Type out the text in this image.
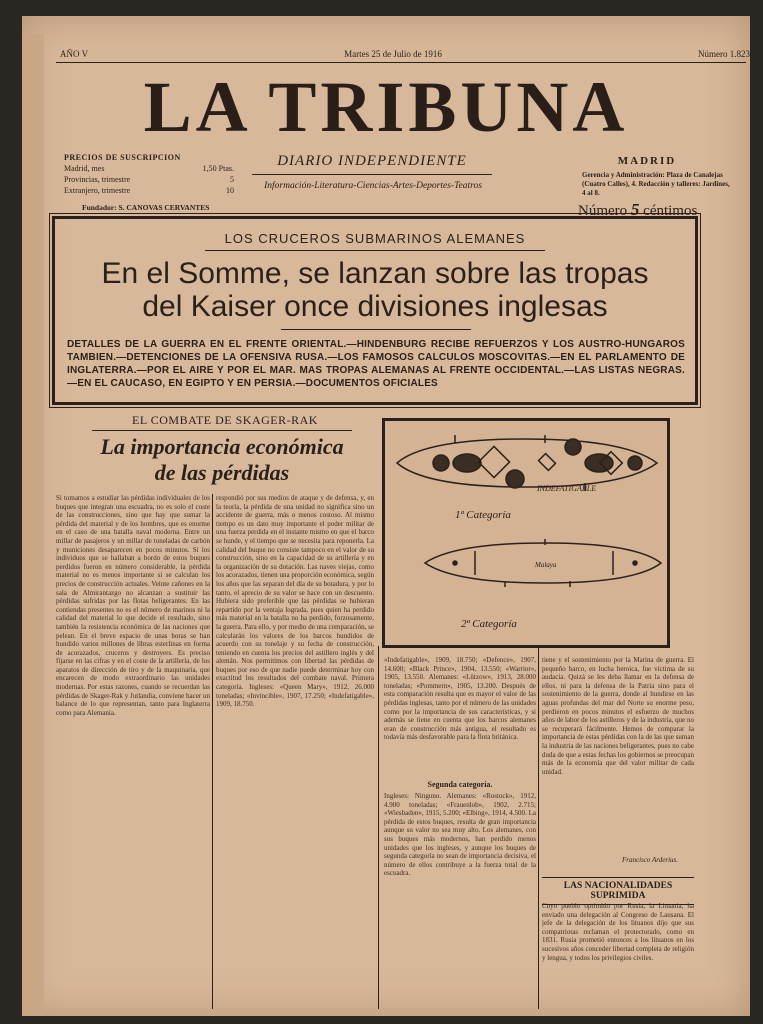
AÑO V	Martes 25 de Julio de 1916	Número 1.823
LA TRIBUNA
PRECIOS DE SUSCRIPCION
Madrid, mes	1,50 Ptas.
Provincias, trimestre	5
Extranjero, trimestre	10
DIARIO INDEPENDIENTE
Información-Literatura-Ciencias-Artes-Deportes-Teatros
MADRID
Gerencia y Administración: Plaza de Canalejas (Cuatro Calles), 4. Redacción y talleres: Jardines, 4 al 8.
Fundador: S. CANOVAS CERVANTES	Número 5 céntimos
LOS CRUCEROS SUBMARINOS ALEMANES
En el Somme, se lanzan sobre las tropas
del Kaiser once divisiones inglesas
DETALLES DE LA GUERRA EN EL FRENTE ORIENTAL.—HINDENBURG RECIBE REFUERZOS Y LOS AUSTRO-HUNGAROS TAMBIEN.—DETENCIONES DE LA OFENSIVA RUSA.—LOS FAMOSOS CALCULOS MOSCOVITAS.—EN EL PARLAMENTO DE INGLATERRA.—POR EL AIRE Y POR EL MAR. MAS TROPAS ALEMANAS AL FRENTE OCCIDENTAL.—LAS LISTAS NEGRAS.—EN EL CAUCASO, EN EGIPTO Y EN PERSIA.—DOCUMENTOS OFICIALES
EL COMBATE DE SKAGER-RAK
La importancia económica
de las pérdidas
INDEFATIGABLE
1ª Categoría
Malaya
2ª Categoría
Si tomamos a estudiar las pérdidas individuales de los buques que integran una escuadra, no es solo el coste de las construcciones, sino que hay que sumar la pérdida del material y de los hombres, que es enorme en el caso de una batalla naval moderna. Entre un millar de pasajeros y un millar de toneladas de carbón y municiones desaparecen en pocos minutos. Si los individuos que se hallaban a bordo de estos buques perdidos fueron en número considerable, la pérdida material no es menos importante si se calculan los precios de construcción actuales. Veinte cañones en la sala de Almirantazgo no alcanzan a sustituir las pérdidas sufridas por las flotas beligerantes. En las contiendas presentes no es el número de marinos ni la calidad del material lo que decide el resultado, sino también la resistencia económica de las naciones que pelean. En el breve espacio de unas horas se han hundido varios millones de libras esterlinas en forma de acorazados, cruceros y destroyers. Es preciso fijarse en las cifras y en el coste de la artillería, de los aparatos de dirección de tiro y de la maquinaria, que encarecen de modo extraordinario las unidades modernas. Por estas razones, cuando se recuerdan las pérdidas de Skager-Rak y Jutlandia, conviene hacer un balance de lo que representan, tanto para Inglaterra como para Alemania.
respondió por sus medios de ataque y de defensa, y, en la teoría, la pérdida de una unidad no significa sino un accidente de guerra, más o menos costoso. Al mismo tiempo es un dato muy importante el poder militar de una fuerza perdida en el instante mismo en que el barco se hunde, y el tiempo que se necesita para reponerla. La calidad del buque no consiste tampoco en el valor de su construcción, sino en la capacidad de su artillería y en la organización de su dotación. Las naves viejas, como los acorazados, tienen una proporción económica, según los años que las separan del día de su botadura, y por lo tanto, el aprecio de su valor se hace con un descuento. Hubiera sido preferible que las pérdidas se hubieran repartido por la ventaja lograda, pues quien ha perdido más material en la batalla no ha perdido, forzosamente, la guerra. Para ello, y por medio de una comparación, se calcularán los valores de los barcos hundidos de acuerdo con su tonelaje y su fecha de construcción, teniendo en cuenta los precios del astillero inglés y del alemán. Nos permitimos con libertad las pérdidas de buques por eso de que nadie puede determinar hoy con exactitud los resultados del combate naval. Primera categoría. Ingleses: «Queen Mary», 1912, 26.000 toneladas; «Invincible», 1907, 17.250; «Indefatigable», 1909, 18.750.
«Indefatigable», 1909, 18.750; «Defence», 1907, 14.600; «Black Prince», 1904, 13.550; «Warrior», 1905, 13.550. Alemanes: «Lützow», 1913, 28.000 toneladas; «Pommern», 1905, 13.200. Después de esta comparación resulta que es mayor el valor de las pérdidas inglesas, tanto por el número de las unidades como por la importancia de sus características, y si además se tiene en cuenta que los barcos alemanes eran de construcción más antigua, el resultado es todavía más desfavorable para la flota británica.
Segunda categoría.
Ingleses: Ninguno. Alemanes: «Rostock», 1912, 4.900 toneladas; «Frauenlob», 1902, 2.715; «Wiesbaden», 1915, 5.200; «Elbing», 1914, 4.500. La pérdida de estos buques, resulta de gran importancia aunque su valor no sea muy alto. Los alemanes, con sus buques más modernos, han perdido menos unidades que los ingleses, y aunque los buques de segunda categoría no sean de importancia decisiva, el número de ellos contribuye a la fuerza total de la escuadra.
tiene y el sostenimiento por la Marina de guerra. El pequeño barco, en lucha heroica, fue víctima de su audacia. Quizá se les deba llamar en la defensa de ellos, ni para la defensa de la Patria sino para el sostenimiento de la guerra, donde al hundirse en las aguas profundas del mar del Norte su enorme peso, perdieron en pocos minutos el esfuerzo de muchos años de labor de los astilleros y de la industria, que no se recuperará fácilmente. Hemos de comparar la importancia de estas pérdidas con la de las que suman la industria de las naciones beligerantes, pues no cabe duda de que a estas fechas los gobiernos se preocupan más de la economía que del valor militar de cada unidad.
Francisco Arderíus.
LAS NACIONALIDADES SUPRIMIDA
Cuyo pueblo oprimido por Rusia, la Lituania, ha enviado una delegación al Congreso de Lausana. El jefe de la delegación de los lituanos dijo que sus compatriotas reclaman el protectorado, como en 1831. Rusia prometió entonces a los lituanos en los sucesivos años conceder libertad completa de religión y lengua, y todos los privilegios civiles.
